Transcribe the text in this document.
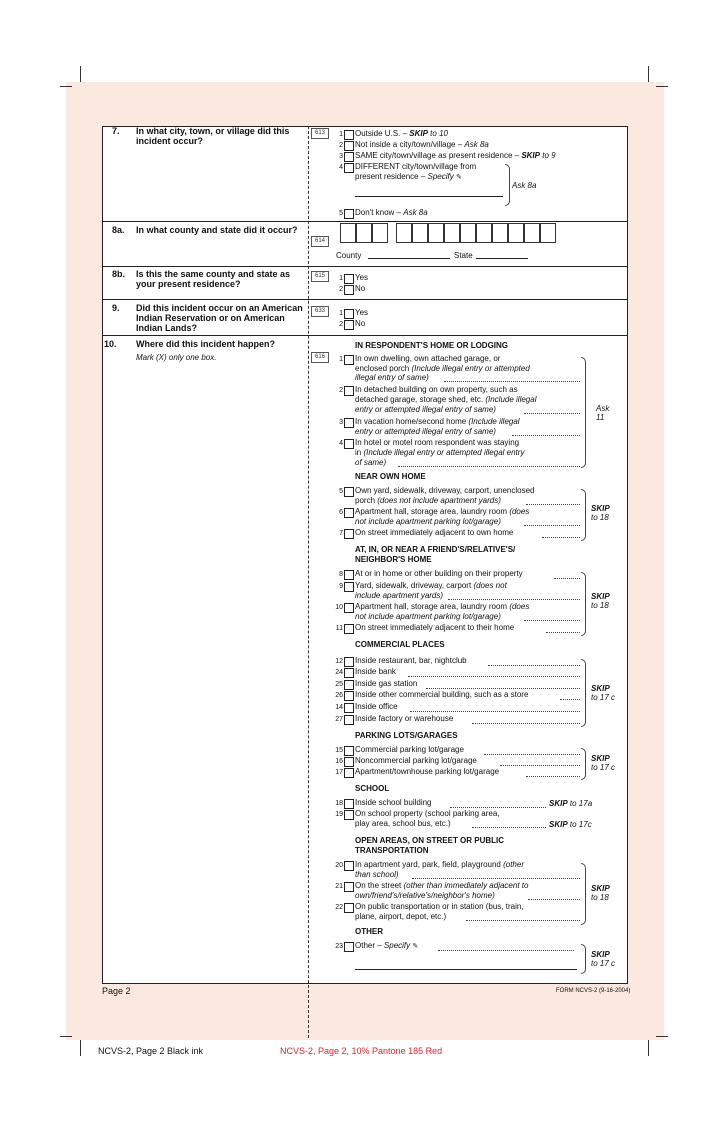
7. In what city, town, or village did this incident occur?
613	1 Outside U.S. – SKIP to 10
2 Not inside a city/town/village – Ask 8a
3 SAME city/town/village as present residence – SKIP to 9
4 DIFFERENT city/town/village from
present residence – Specify ✎
Ask 8a
5 Don't know – Ask 8a
8a. In what county and state did it occur?
614
County	State
8b. Is this the same county and state as your present residence?
615	1 Yes
2 No
9. Did this incident occur on an American Indian Reservation or on American Indian Lands?
633	1 Yes
2 No
10. Where did this incident happen?
Mark (X) only one box.	616
IN RESPONDENT'S HOME OR LODGING
1 In own dwelling, own attached garage, or
enclosed porch (Include illegal entry or attempted
illegal entry of same)
2 In detached building on own property, such as
detached garage, storage shed, etc. (Include illegal
entry or attempted illegal entry of same)
3 In vacation home/second home (Include illegal
entry or attempted illegal entry of same)
4 In hotel or motel room respondent was staying
in (Include illegal entry or attempted illegal entry
of same)
Ask
11
NEAR OWN HOME
5 Own yard, sidewalk, driveway, carport, unenclosed
porch (does not include apartment yards)
6 Apartment hall, storage area, laundry room (does
not include apartment parking lot/garage)
7 On street immediately adjacent to own home
SKIP
to 18
AT, IN, OR NEAR A FRIEND'S/RELATIVE'S/
NEIGHBOR'S HOME
8 At or in home or other building on their property
9 Yard, sidewalk, driveway, carport (does not
include apartment yards)
10 Apartment hall, storage area, laundry room (does
not include apartment parking lot/garage)
11 On street immediately adjacent to their home
SKIP
to 18
COMMERCIAL PLACES
12 Inside restaurant, bar, nightclub
24 Inside bank
25 Inside gas station
26 Inside other commercial building, such as a store
14 Inside office
27 Inside factory or warehouse
SKIP
to 17 c
PARKING LOTS/GARAGES
15 Commercial parking lot/garage
16 Noncommercial parking lot/garage
17 Apartment/townhouse parking lot/garage
SKIP
to 17 c
SCHOOL
18 Inside school building	SKIP to 17a
19 On school property (school parking area,
play area, school bus, etc.)	SKIP to 17c
OPEN AREAS, ON STREET OR PUBLIC
TRANSPORTATION
20 In apartment yard, park, field, playground (other
than school)
21 On the street (other than immediately adjacent to
own/friend's/relative's/neighbor's home)
22 On public transportation or in station (bus, train,
plane, airport, depot, etc.)
SKIP
to 18
OTHER
23 Other – Specify ✎
SKIP
to 17 c
Page 2	FORM NCVS-2 (9-16-2004)
NCVS-2, Page 2 Black ink	NCVS-2, Page 2, 10% Pantone 185 Red
